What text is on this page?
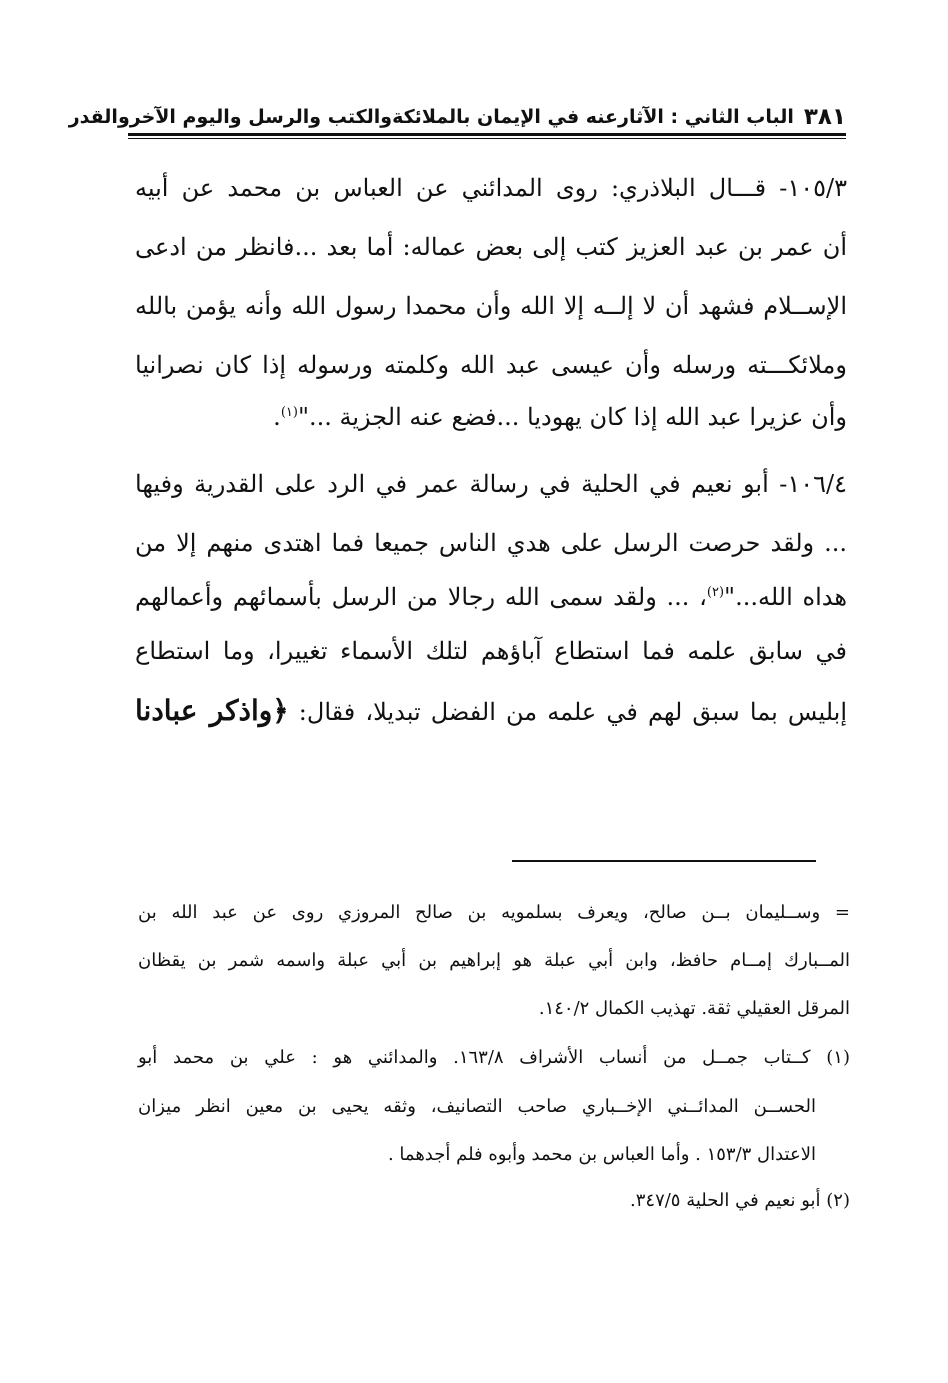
٣٨١
الباب الثاني : الآثارعنه في الإيمان بالملائكةوالكتب والرسل واليوم الآخروالقدر
١٠٥/٣- قـــال البلاذري: روى المدائني عن العباس بن محمد عن أبيه
أن عمر بن عبد العزيز كتب إلى بعض عماله: أما بعد ...فانظر من ادعى
الإســلام فشهد أن لا إلــه إلا الله وأن محمدا رسول الله وأنه يؤمن بالله
وملائكـــته ورسله وأن عيسى عبد الله وكلمته ورسوله إذا كان نصرانيا
وأن عزيرا عبد الله إذا كان يهوديا ...فضع عنه الجزية ..."$^{(١)}$.
١٠٦/٤- أبو نعيم في الحلية في رسالة عمر في الرد على القدرية وفيها
... ولقد حرصت الرسل على هدي الناس جميعا فما اهتدى منهم إلا من
هداه الله..."$^{(٢)}$، ... ولقد سمى الله رجالا من الرسل بأسمائهم وأعمالهم
في سابق علمه فما استطاع آباؤهم لتلك الأسماء تغييرا، وما استطاع
إبليس بما سبق لهم في علمه من الفضل تبديلا، فقال: ﴿واذكر عبادنا
= وســليمان بــن صالح، ويعرف بسلمويه بن صالح المروزي روى عن عبد الله بن
المــبارك إمــام حافظ، وابن أبي عبلة هو إبراهيم بن أبي عبلة واسمه شمر بن يقظان
المرقل العقيلي ثقة. تهذيب الكمال ١٤٠/٢.
(١) كــتاب جمــل من أنساب الأشراف ١٦٣/٨. والمدائني هو : علي بن محمد أبو
الحســن المدائــني الإخــباري صاحب التصانيف، وثقه يحيى بن معين انظر ميزان
الاعتدال ١٥٣/٣ . وأما العباس بن محمد وأبوه فلم أجدهما .
(٢) أبو نعيم في الحلية ٣٤٧/٥.
